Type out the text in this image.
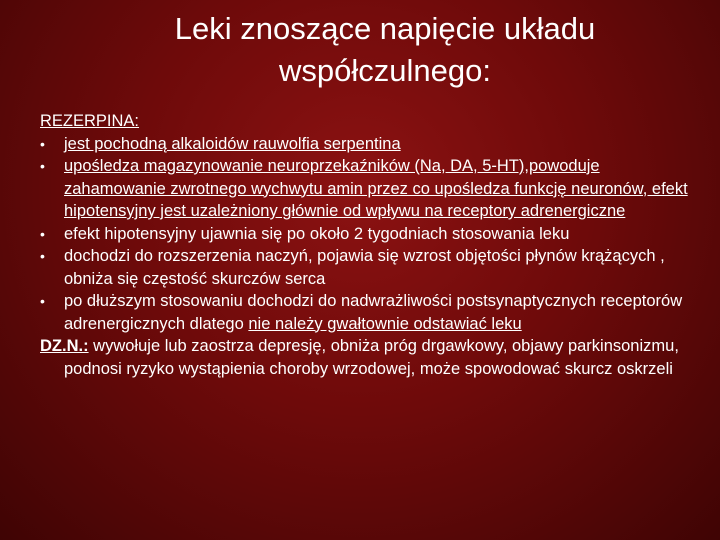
Leki znoszące napięcie układu
współczulnego:

REZERPINA:

• jest pochodną alkaloidów rauwolfia serpentina

• upośledza magazynowanie neuroprzekaźników (Na, DA, 5-HT),powoduje zahamowanie zwrotnego wychwytu amin przez co upośledza funkcję neuronów, efekt hipotensyjny jest uzależniony głównie od wpływu na receptory adrenergiczne

• efekt hipotensyjny ujawnia się po około 2 tygodniach stosowania leku

• dochodzi do rozszerzenia naczyń, pojawia się wzrost objętości płynów krążących , obniża się częstość skurczów serca

• po dłuższym stosowaniu dochodzi do nadwrażliwości postsynaptycznych receptorów adrenergicznych dlatego nie należy gwałtownie odstawiać leku

DZ.N.: wywołuje lub zaostrza depresję, obniża próg drgawkowy, objawy parkinsonizmu, podnosi ryzyko wystąpienia choroby wrzodowej, może spowodować skurcz oskrzeli
